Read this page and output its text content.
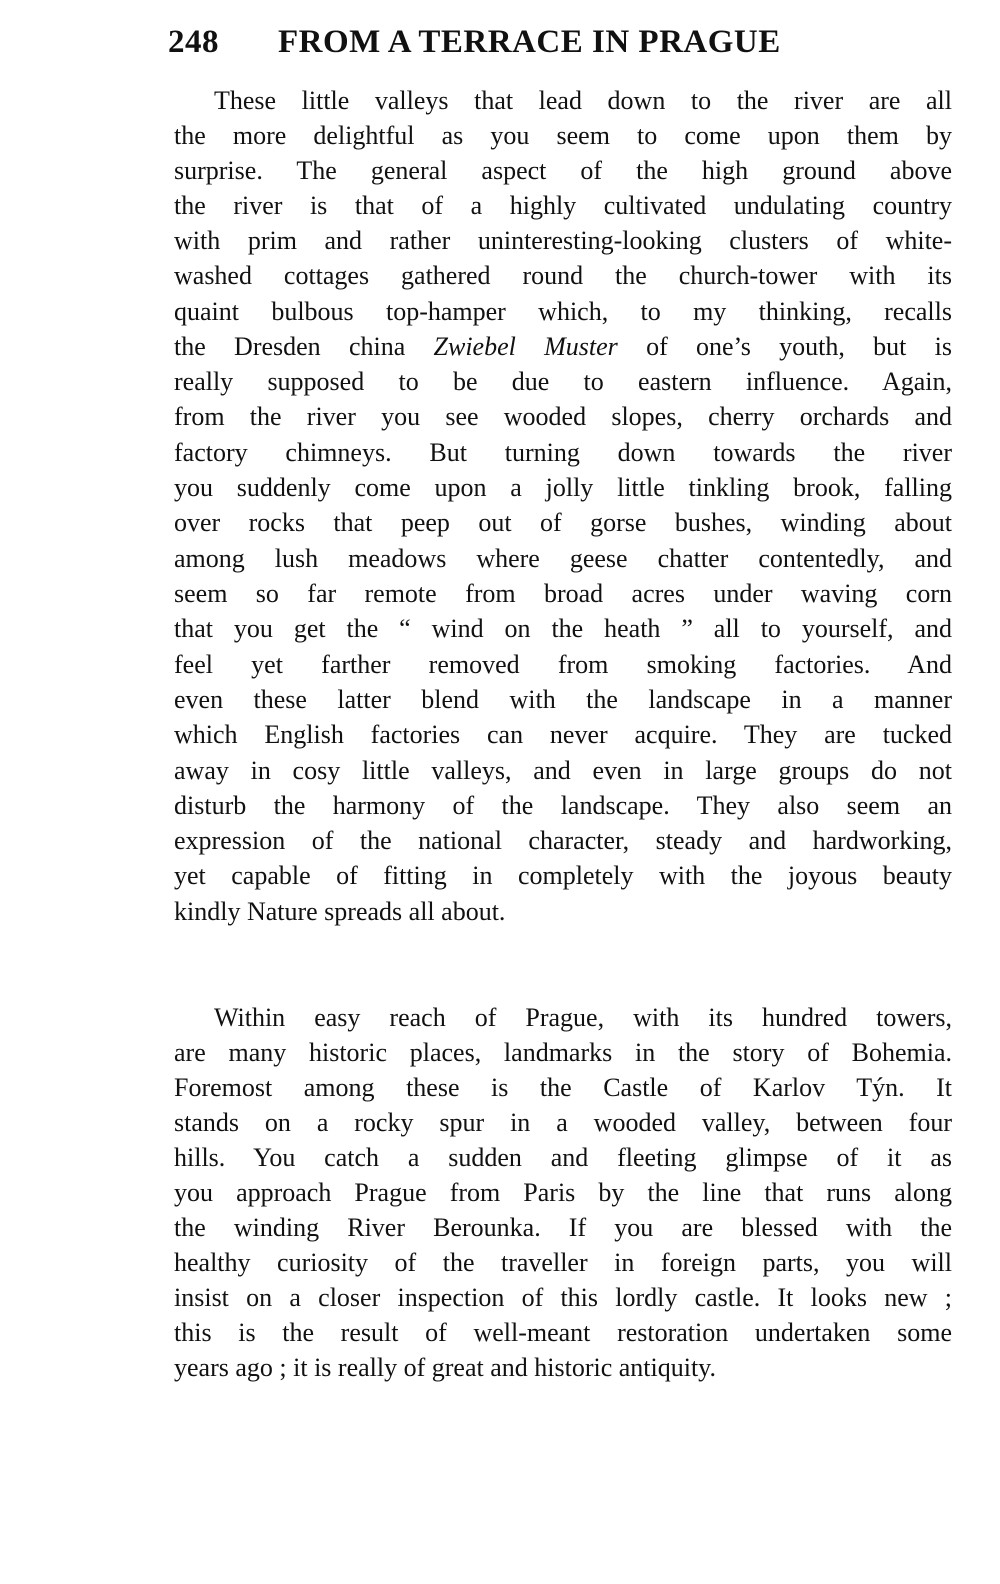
248 FROM A TERRACE IN PRAGUE
These little valleys that lead down to the river are all
the more delightful as you seem to come upon them by
surprise. The general aspect of the high ground above
the river is that of a highly cultivated undulating country
with prim and rather uninteresting-looking clusters of white-
washed cottages gathered round the church-tower with its
quaint bulbous top-hamper which, to my thinking, recalls
the Dresden china Zwiebel Muster of one’s youth, but is
really supposed to be due to eastern influence. Again,
from the river you see wooded slopes, cherry orchards and
factory chimneys. But turning down towards the river
you suddenly come upon a jolly little tinkling brook, falling
over rocks that peep out of gorse bushes, winding about
among lush meadows where geese chatter contentedly, and
seem so far remote from broad acres under waving corn
that you get the “ wind on the heath ” all to yourself, and
feel yet farther removed from smoking factories. And
even these latter blend with the landscape in a manner
which English factories can never acquire. They are tucked
away in cosy little valleys, and even in large groups do not
disturb the harmony of the landscape. They also seem an
expression of the national character, steady and hardworking,
yet capable of fitting in completely with the joyous beauty
kindly Nature spreads all about.
Within easy reach of Prague, with its hundred towers,
are many historic places, landmarks in the story of Bohemia.
Foremost among these is the Castle of Karlov Týn. It
stands on a rocky spur in a wooded valley, between four
hills. You catch a sudden and fleeting glimpse of it as
you approach Prague from Paris by the line that runs along
the winding River Berounka. If you are blessed with the
healthy curiosity of the traveller in foreign parts, you will
insist on a closer inspection of this lordly castle. It looks new ;
this is the result of well-meant restoration undertaken some
years ago ; it is really of great and historic antiquity.
